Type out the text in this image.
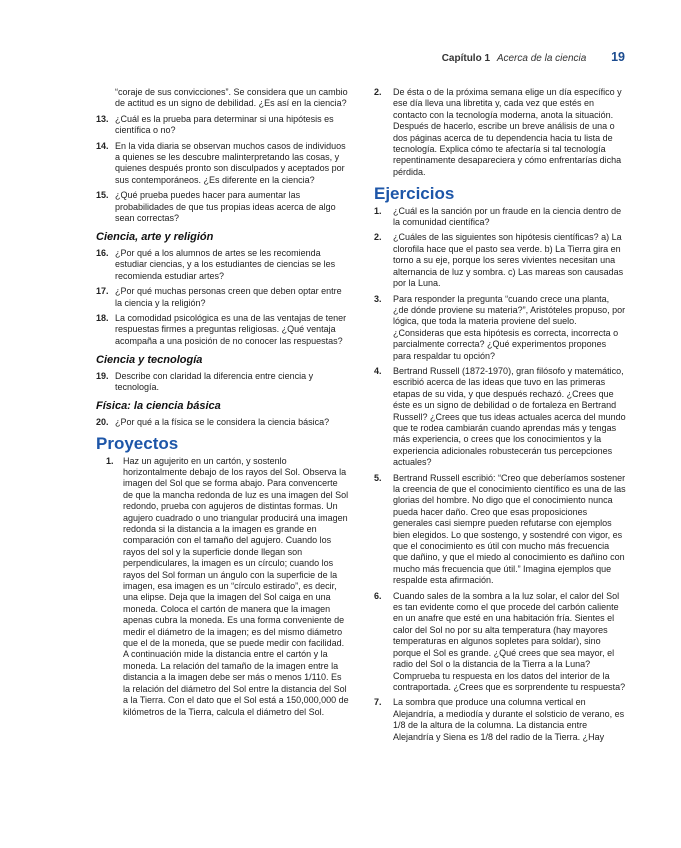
Capítulo 1 Acerca de la ciencia 19

“coraje de sus convicciones”. Se considera que un cambio de actitud es un signo de debilidad. ¿Es así en la ciencia?

13. ¿Cuál es la prueba para determinar si una hipótesis es científica o no?
14. En la vida diaria se observan muchos casos de individuos a quienes se les descubre malinterpretando las cosas, y quienes después pronto son disculpados y aceptados por sus contemporáneos. ¿Es diferente en la ciencia?
15. ¿Qué prueba puedes hacer para aumentar las probabilidades de que tus propias ideas acerca de algo sean correctas?
Ciencia, arte y religión
16. ¿Por qué a los alumnos de artes se les recomienda estudiar ciencias, y a los estudiantes de ciencias se les recomienda estudiar artes?
17. ¿Por qué muchas personas creen que deben optar entre la ciencia y la religión?
18. La comodidad psicológica es una de las ventajas de tener respuestas firmes a preguntas religiosas. ¿Qué ventaja acompaña a una posición de no conocer las respuestas?
Ciencia y tecnología
19. Describe con claridad la diferencia entre ciencia y tecnología.
Física: la ciencia básica
20. ¿Por qué a la física se le considera la ciencia básica?
Proyectos
1.	Haz un agujerito en un cartón, y sostenlo horizontalmente debajo de los rayos del Sol. Observa la imagen del Sol que se forma abajo. Para convencerte de que la mancha redonda de luz es una imagen del Sol redondo, prueba con agujeros de distintas formas. Un agujero cuadrado o uno triangular producirá una imagen redonda si la distancia a la imagen es grande en comparación con el tamaño del agujero. Cuando los rayos del sol y la superficie donde llegan son perpendiculares, la imagen es un círculo; cuando los rayos del Sol forman un ángulo con la superficie de la imagen, esa imagen es un “círculo estirado”, es decir, una elipse. Deja que la imagen del Sol caiga en una moneda. Coloca el cartón de manera que la imagen apenas cubra la moneda. Es una forma conveniente de medir el diámetro de la imagen; es del mismo diámetro que el de la moneda, que se puede medir con facilidad. A continuación mide la distancia entre el cartón y la moneda. La relación del tamaño de la imagen entre la distancia a la imagen debe ser más o menos 1/110. Es la relación del diámetro del Sol entre la distancia del Sol a la Tierra. Con el dato que el Sol está a 150,000,000 de kilómetros de la Tierra, calcula el diámetro del Sol.
2.	De ésta o de la próxima semana elige un día específico y ese día lleva una libretita y, cada vez que estés en contacto con la tecnología moderna, anota la situación. Después de hacerlo, escribe un breve análisis de una o dos páginas acerca de tu dependencia hacia tu lista de tecnología. Explica cómo te afectaría si tal tecnología repentinamente desapareciera y cómo enfrentarías dicha pérdida.
Ejercicios
1.	¿Cuál es la sanción por un fraude en la ciencia dentro de la comunidad científica?
2.	¿Cuáles de las siguientes son hipótesis científicas? a) La clorofila hace que el pasto sea verde. b) La Tierra gira en torno a su eje, porque los seres vivientes necesitan una alternancia de luz y sombra. c) Las mareas son causadas por la Luna.
3.	Para responder la pregunta “cuando crece una planta, ¿de dónde proviene su materia?”, Aristóteles propuso, por lógica, que toda la materia proviene del suelo. ¿Consideras que esta hipótesis es correcta, incorrecta o parcialmente correcta? ¿Qué experimentos propones para respaldar tu opción?
4.	Bertrand Russell (1872-1970), gran filósofo y matemático, escribió acerca de las ideas que tuvo en las primeras etapas de su vida, y que después rechazó. ¿Crees que éste es un signo de debilidad o de fortaleza en Bertrand Russell? ¿Crees que tus ideas actuales acerca del mundo que te rodea cambiarán cuando aprendas más y tengas más experiencia, o crees que los conocimientos y la experiencia adicionales robustecerán tus percepciones actuales?
5.	Bertrand Russell escribió: “Creo que deberíamos sostener la creencia de que el conocimiento científico es una de las glorias del hombre. No digo que el conocimiento nunca pueda hacer daño. Creo que esas proposiciones generales casi siempre pueden refutarse con ejemplos bien elegidos. Lo que sostengo, y sostendré con vigor, es que el conocimiento es útil con mucho más frecuencia que dañino, y que el miedo al conocimiento es dañino con mucho más frecuencia que útil.” Imagina ejemplos que respalde esta afirmación.
6.	Cuando sales de la sombra a la luz solar, el calor del Sol es tan evidente como el que procede del carbón caliente en un anafre que esté en una habitación fría. Sientes el calor del Sol no por su alta temperatura (hay mayores temperaturas en algunos sopletes para soldar), sino porque el Sol es grande. ¿Qué crees que sea mayor, el radio del Sol o la distancia de la Tierra a la Luna? Comprueba tu respuesta en los datos del interior de la contraportada. ¿Crees que es sorprendente tu respuesta?
7.	La sombra que produce una columna vertical en Alejandría, a mediodía y durante el solsticio de verano, es 1/8 de la altura de la columna. La distancia entre Alejandría y Siena es 1/8 del radio de la Tierra. ¿Hay
